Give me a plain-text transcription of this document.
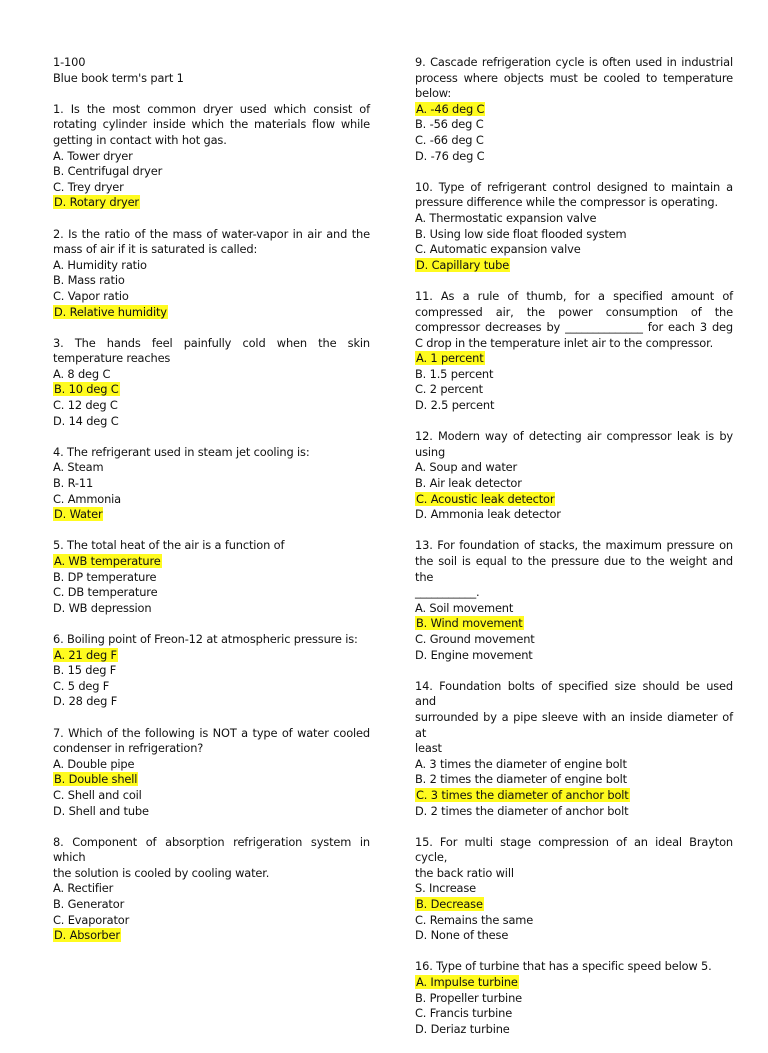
1-100
Blue book term's part 1
1. Is the most common dryer used which consist of
rotating cylinder inside which the materials flow while
getting in contact with hot gas.
A. Tower dryer
B. Centrifugal dryer
C. Trey dryer
D. Rotary dryer
2. Is the ratio of the mass of water-vapor in air and the
mass of air if it is saturated is called:
A. Humidity ratio
B. Mass ratio
C. Vapor ratio
D. Relative humidity
3. The hands feel painfully cold when the skin
temperature reaches
A. 8 deg C
B. 10 deg C
C. 12 deg C
D. 14 deg C
4. The refrigerant used in steam jet cooling is:
A. Steam
B. R-11
C. Ammonia
D. Water
5. The total heat of the air is a function of
A. WB temperature
B. DP temperature
C. DB temperature
D. WB depression
6. Boiling point of Freon-12 at atmospheric pressure is:
A. 21 deg F
B. 15 deg F
C. 5 deg F
D. 28 deg F
7. Which of the following is NOT a type of water cooled
condenser in refrigeration?
A. Double pipe
B. Double shell
C. Shell and coil
D. Shell and tube
8. Component of absorption refrigeration system in which
the solution is cooled by cooling water.
A. Rectifier
B. Generator
C. Evaporator
D. Absorber
9. Cascade refrigeration cycle is often used in industrial
process where objects must be cooled to temperature
below:
A. -46 deg C
B. -56 deg C
C. -66 deg C
D. -76 deg C
10. Type of refrigerant control designed to maintain a
pressure difference while the compressor is operating.
A. Thermostatic expansion valve
B. Using low side float flooded system
C. Automatic expansion valve
D. Capillary tube
11. As a rule of thumb, for a specified amount of
compressed air, the power consumption of the
compressor decreases by ______________ for each 3 deg
C drop in the temperature inlet air to the compressor.
A. 1 percent
B. 1.5 percent
C. 2 percent
D. 2.5 percent
12. Modern way of detecting air compressor leak is by
using
A. Soup and water
B. Air leak detector
C. Acoustic leak detector
D. Ammonia leak detector
13. For foundation of stacks, the maximum pressure on
the soil is equal to the pressure due to the weight and the
___________.
A. Soil movement
B. Wind movement
C. Ground movement
D. Engine movement
14. Foundation bolts of specified size should be used and
surrounded by a pipe sleeve with an inside diameter of at
least
A. 3 times the diameter of engine bolt
B. 2 times the diameter of engine bolt
C. 3 times the diameter of anchor bolt
D. 2 times the diameter of anchor bolt
15. For multi stage compression of an ideal Brayton cycle,
the back ratio will
S. Increase
B. Decrease
C. Remains the same
D. None of these
16. Type of turbine that has a specific speed below 5.
A. Impulse turbine
B. Propeller turbine
C. Francis turbine
D. Deriaz turbine
